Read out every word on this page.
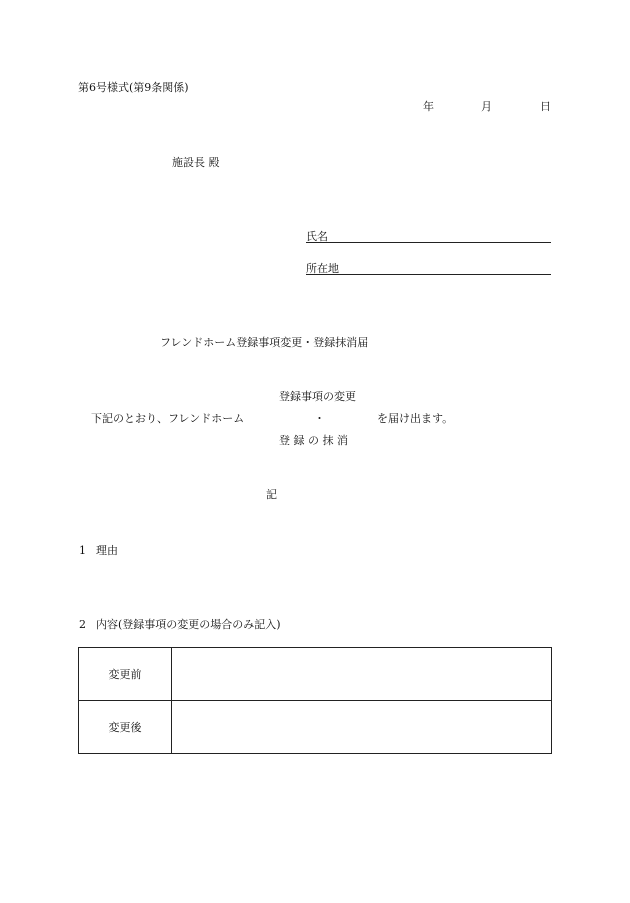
第6号様式(第9条関係)
年	月	日
施設長 殿
氏名
所在地
フレンドホーム登録事項変更・登録抹消届
登録事項の変更
下記のとおり、フレンドホーム	・	を届け出ます。
登 録 の 抹 消
記
1 理由
2 内容(登録事項の変更の場合のみ記入)
変更前	
変更後	
